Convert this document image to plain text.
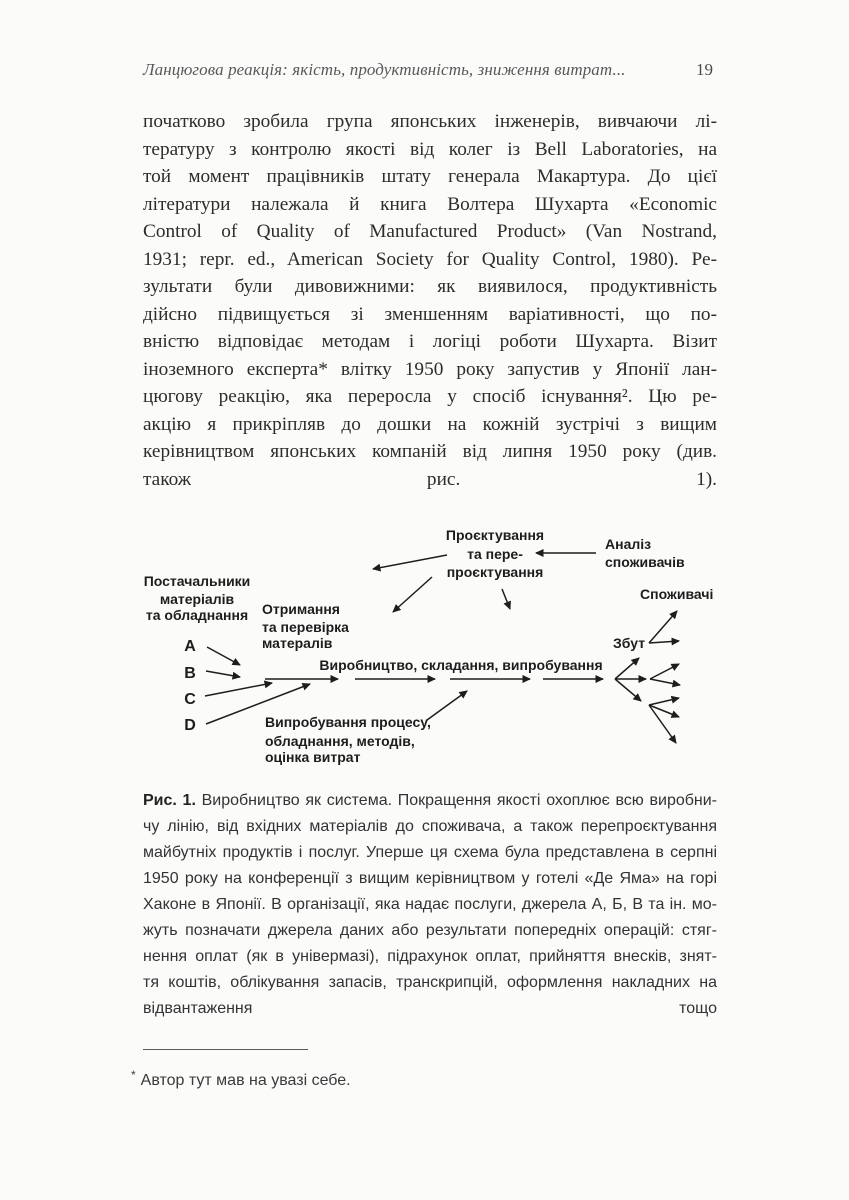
Ланцюгова реакція: якість, продуктивність, зниження витрат...	19
початково зробила група японських інженерів, вивчаючи лі-
тературу з контролю якості від колег із Bell Laboratories, на
той момент працівників штату генерала Макартура. До цієї
літератури належала й книга Волтера Шухарта «Economic
Control of Quality of Manufactured Product» (Van Nostrand,
1931; repr. ed., American Society for Quality Control, 1980). Ре-
зультати були дивовижними: як виявилося, продуктивність
дійсно підвищується зі зменшенням варіативності, що по-
вністю відповідає методам і логіці роботи Шухарта. Візит
іноземного експерта* влітку 1950 року запустив у Японії лан-
цюгову реакцію, яка переросла у спосіб існування². Цю ре-
акцію я прикріпляв до дошки на кожній зустрічі з вищим
керівництвом японських компаній від липня 1950 року (див.
також рис. 1).
Проєктування
та пере-
проєктування
Аналіз
споживачів
Споживачі
Збут
Постачальники
матеріалів
та обладнання Отримання
та перевірка
матералів
A
B
C
D
Виробництво, складання, випробування
Випробування процесу,
обладнання, методів,
оцінка витрат
Рис. 1. Виробництво як система. Покращення якості охоплює всю виробни-
чу лінію, від вхідних матеріалів до споживача, а також перепроєктування
майбутніх продуктів і послуг. Уперше ця схема була представлена в серпні
1950 року на конференції з вищим керівництвом у готелі «Де Яма» на горі
Хаконе в Японії. В організації, яка надає послуги, джерела А, Б, В та ін. мо-
жуть позначати джерела даних або результати попередніх операцій: стяг-
нення оплат (як в універмазі), підрахунок оплат, прийняття внесків, знят-
тя коштів, облікування запасів, транскрипцій, оформлення накладних на
відвантаження тощо
* Автор тут мав на увазі себе.
